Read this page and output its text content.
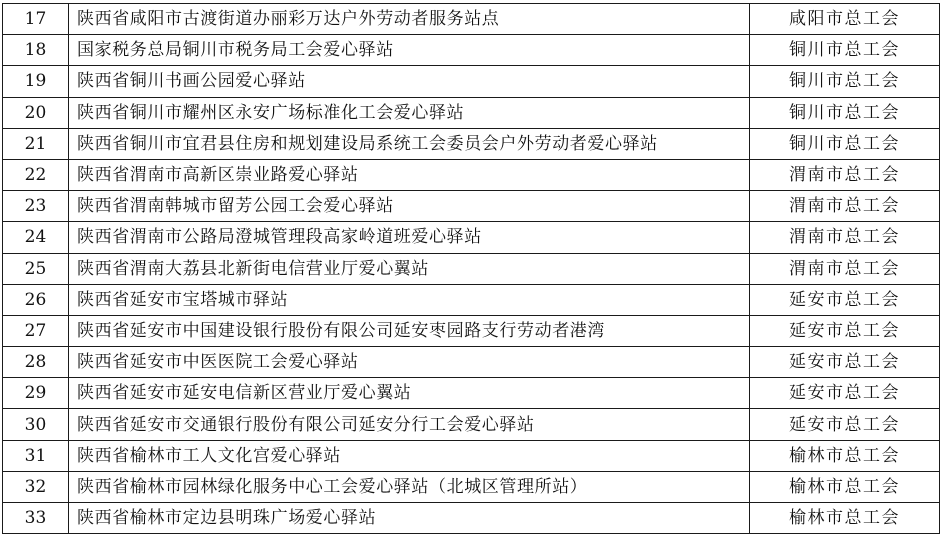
17	陕西省咸阳市古渡街道办丽彩万达户外劳动者服务站点	咸阳市总工会
18	国家税务总局铜川市税务局工会爱心驿站	铜川市总工会
19	陕西省铜川书画公园爱心驿站	铜川市总工会
20	陕西省铜川市耀州区永安广场标准化工会爱心驿站	铜川市总工会
21	陕西省铜川市宜君县住房和规划建设局系统工会委员会户外劳动者爱心驿站	铜川市总工会
22	陕西省渭南市高新区崇业路爱心驿站	渭南市总工会
23	陕西省渭南韩城市留芳公园工会爱心驿站	渭南市总工会
24	陕西省渭南市公路局澄城管理段高家岭道班爱心驿站	渭南市总工会
25	陕西省渭南大荔县北新街电信营业厅爱心翼站	渭南市总工会
26	陕西省延安市宝塔城市驿站	延安市总工会
27	陕西省延安市中国建设银行股份有限公司延安枣园路支行劳动者港湾	延安市总工会
28	陕西省延安市中医医院工会爱心驿站	延安市总工会
29	陕西省延安市延安电信新区营业厅爱心翼站	延安市总工会
30	陕西省延安市交通银行股份有限公司延安分行工会爱心驿站	延安市总工会
31	陕西省榆林市工人文化宫爱心驿站	榆林市总工会
32	陕西省榆林市园林绿化服务中心工会爱心驿站（北城区管理所站）	榆林市总工会
33	陕西省榆林市定边县明珠广场爱心驿站	榆林市总工会
